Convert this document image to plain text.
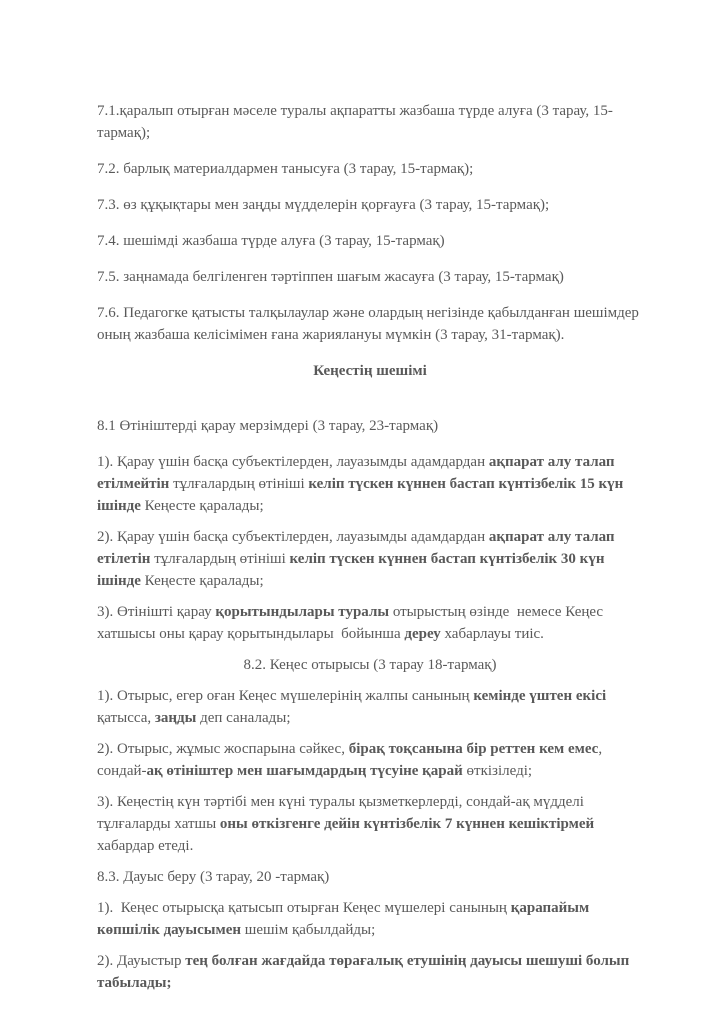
7.1.қаралып отырған мәселе туралы ақпаратты жазбаша түрде алуға (3 тарау, 15-тармақ);

7.2. барлық материалдармен танысуға (3 тарау, 15-тармақ);

7.3. өз құқықтары мен заңды мүдделерін қорғауға (3 тарау, 15-тармақ);

7.4. шешімді жазбаша түрде алуға (3 тарау, 15-тармақ)

7.5. заңнамада белгіленген тәртіппен шағым жасауға (3 тарау, 15-тармақ)

7.6. Педагогке қатысты талқылаулар және олардың негізінде қабылданған шешімдер оның жазбаша келісімімен ғана жариялануы мүмкін (3 тарау, 31-тармақ).

Кеңестің шешімі

8.1 Өтініштерді қарау мерзімдері (3 тарау, 23-тармақ)

1). Қарау үшін басқа субъектілерден, лауазымды адамдардан ақпарат алу талап етілмейтін тұлғалардың өтініші келіп түскен күннен бастап күнтізбелік 15 күн ішінде Кеңесте қаралады;

2). Қарау үшін басқа субъектілерден, лауазымды адамдардан ақпарат алу талап етілетін тұлғалардың өтініші келіп түскен күннен бастап күнтізбелік 30 күн ішінде Кеңесте қаралады;

3). Өтінішті қарау қорытындылары туралы отырыстың өзінде  немесе Кеңес хатшысы оны қарау қорытындылары  бойынша дереу хабарлауы тиіс.

8.2. Кеңес отырысы (3 тарау 18-тармақ)

1). Отырыс, егер оған Кеңес мүшелерінің жалпы санының кемінде үштен екісі қатысса, заңды деп саналады;

2). Отырыс, жұмыс жоспарына сәйкес, бірақ тоқсанына бір реттен кем емес, сондай-ақ өтініштер мен шағымдардың түсуіне қарай өткізіледі;

3). Кеңестің күн тәртібі мен күні туралы қызметкерлерді, сондай-ақ мүдделі тұлғаларды хатшы оны өткізгенге дейін күнтізбелік 7 күннен кешіктірмей хабардар етеді.

8.3. Дауыс беру (3 тарау, 20 -тармақ)

1).  Кеңес отырысқа қатысып отырған Кеңес мүшелері санының қарапайым көпшілік дауысымен шешім қабылдайды;

2). Дауыстыр тең болған жағдайда төрағалық етушінің дауысы шешуші болып табылады;
